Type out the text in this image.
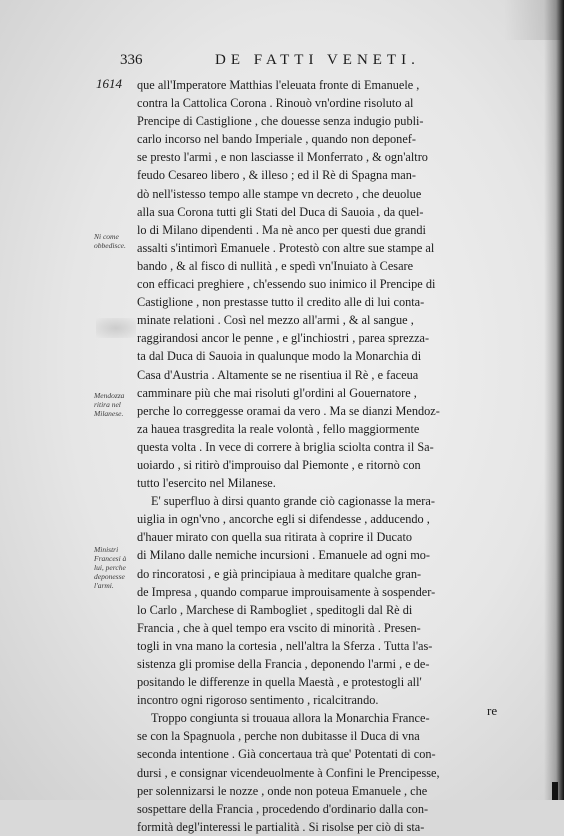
336	DE FATTI VENETI.
1614
Ni come obbedisce.
Mendozza ritira nel Milanese.
Ministri Francesi à lui, perche deponesse l'armi.
que all'Imperatore Matthias l'eleuata fronte di Emanuele ,
contra la Cattolica Corona . Rinouò vn'ordine risoluto al
Prencipe di Castiglione , che douesse senza indugio publi-
carlo incorso nel bando Imperiale , quando non deponef-
se presto l'armi , e non lasciasse il Monferrato , & ogn'altro
feudo Cesareo libero , & illeso ; ed il Rè di Spagna man-
dò nell'istesso tempo alle stampe vn decreto , che deuolue
alla sua Corona tutti gli Stati del Duca di Sauoia , da quel-
lo di Milano dipendenti . Ma nè anco per questi due grandi
assalti s'intimorì Emanuele . Protestò con altre sue stampe al
bando , & al fisco di nullità , e spedì vn'Inuiato à Cesare
con efficaci preghiere , ch'essendo suo inimico il Prencipe di
Castiglione , non prestasse tutto il credito alle di lui conta-
minate relationi . Così nel mezzo all'armi , & al sangue ,
raggirandosi ancor le penne , e gl'inchiostri , parea sprezza-
ta dal Duca di Sauoia in qualunque modo la Monarchia di
Casa d'Austria . Altamente se ne risentiua il Rè , e faceua
camminare più che mai risoluti gl'ordini al Gouernatore ,
perche lo correggesse oramai da vero . Ma se dianzi Mendoz-
za hauea trasgredita la reale volontà , fello maggiormente
questa volta . In vece di correre à briglia sciolta contra il Sa-
uoiardo , si ritirò d'improuiso dal Piemonte , e ritornò con
tutto l'esercito nel Milanese.
E' superfluo à dirsi quanto grande ciò cagionasse la mera-
uiglia in ogn'vno , ancorche egli si difendesse , adducendo ,
d'hauer mirato con quella sua ritirata à coprire il Ducato
di Milano dalle nemiche incursioni . Emanuele ad ogni mo-
do rincoratosi , e già principiaua à meditare qualche gran-
de Impresa , quando comparue improuisamente à sospender-
lo Carlo , Marchese di Rambogliet , speditogli dal Rè di
Francia , che à quel tempo era vscito di minorità . Presen-
togli in vna mano la cortesia , nell'altra la Sferza . Tutta l'as-
sistenza gli promise della Francia , deponendo l'armi , e de-
positando le differenze in quella Maestà , e protestogli all'
incontro ogni rigoroso sentimento , ricalcitrando.
Troppo congiunta si trouaua allora la Monarchia France-
se con la Spagnuola , perche non dubitasse il Duca di vna
seconda intentione . Già concertaua trà que' Potentati di con-
dursi , e consignar vicendeuolmente à Confini le Prencipesse,
per solennizarsi le nozze , onde non poteua Emanuele , che
sospettare della Francia , procedendo d'ordinario dalla con-
formità degl'interessi le partialità . Si risolse per ciò di sta-
re
